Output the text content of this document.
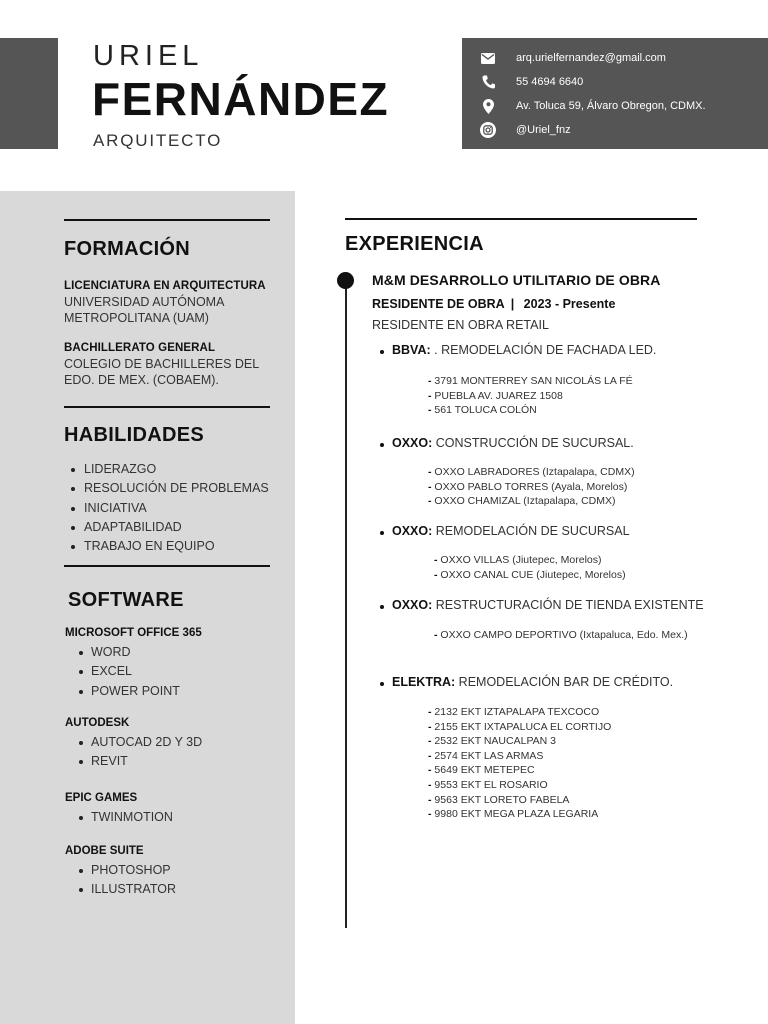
URIEL
FERNÁNDEZ
ARQUITECTO
arq.urielfernandez@gmail.com
55 4694 6640
Av. Toluca 59, Álvaro Obregon, CDMX.
@Uriel_fnz
FORMACIÓN
LICENCIATURA EN ARQUITECTURA
UNIVERSIDAD AUTÓNOMA METROPOLITANA (UAM)
BACHILLERATO GENERAL
COLEGIO DE BACHILLERES DEL EDO. DE MEX. (COBAEM).
HABILIDADES
LIDERAZGO
RESOLUCIÓN DE PROBLEMAS
INICIATIVA
ADAPTABILIDAD
TRABAJO EN EQUIPO
SOFTWARE
MICROSOFT OFFICE 365
WORD
EXCEL
POWER POINT
AUTODESK
AUTOCAD 2D Y 3D
REVIT
EPIC GAMES
TWINMOTION
ADOBE SUITE
PHOTOSHOP
ILLUSTRATOR
EXPERIENCIA
M&M DESARROLLO UTILITARIO DE OBRA
RESIDENTE DE OBRA | 2023 - Presente
RESIDENTE EN OBRA RETAIL
BBVA: . REMODELACIÓN DE FACHADA LED.
- 3791 MONTERREY SAN NICOLÁS LA FÉ
- PUEBLA AV. JUAREZ 1508
- 561 TOLUCA COLÓN
OXXO: CONSTRUCCIÓN DE SUCURSAL.
- OXXO LABRADORES (Iztapalapa, CDMX)
- OXXO PABLO TORRES (Ayala, Morelos)
- OXXO CHAMIZAL (Iztapalapa, CDMX)
OXXO: REMODELACIÓN DE SUCURSAL
- OXXO VILLAS (Jiutepec, Morelos)
- OXXO CANAL CUE (Jiutepec, Morelos)
OXXO: RESTRUCTURACIÓN DE TIENDA EXISTENTE
- OXXO CAMPO DEPORTIVO (Ixtapaluca, Edo. Mex.)
ELEKTRA: REMODELACIÓN BAR DE CRÉDITO.
- 2132 EKT IZTAPALAPA TEXCOCO
- 2155 EKT IXTAPALUCA EL CORTIJO
- 2532 EKT NAUCALPAN 3
- 2574 EKT LAS ARMAS
- 5649 EKT METEPEC
- 9553 EKT EL ROSARIO
- 9563 EKT LORETO FABELA
- 9980 EKT MEGA PLAZA LEGARIA
